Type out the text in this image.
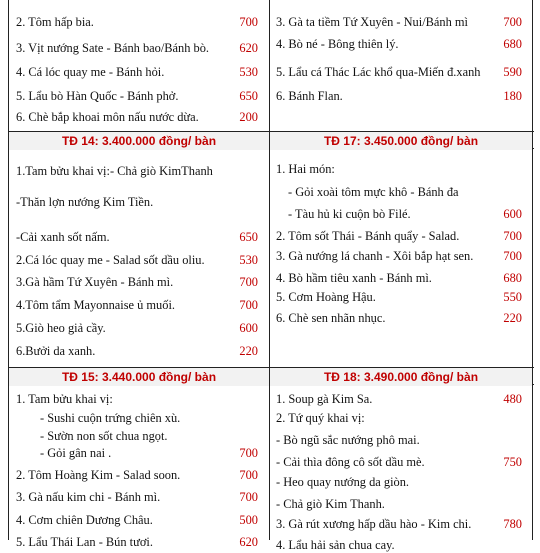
TĐ 14: 3.400.000 đồng/ bàn	TĐ 17: 3.450.000 đồng/ bàn
TĐ 15: 3.440.000 đồng/ bàn	TĐ 18: 3.490.000 đồng/ bàn
2. Tôm hấp bia.	700
3. Vịt nướng Sate - Bánh bao/Bánh bò. 620
4. Cá lóc quay me - Bánh hỏi.	530
5. Lẩu bò Hàn Quốc - Bánh phở.	650
6. Chè bắp khoai môn nấu nước dừa.	200
3. Gà ta tiềm Tứ Xuyên - Nui/Bánh mì	700
4. Bò né - Bông thiên lý.	680
5. Lẩu cá Thác Lác khổ qua-Miến đ.xanh 590
6. Bánh Flan.	180
1.Tam bửu khai vị:- Chả giò KimThanh
-Thăn lợn nướng Kim Tiền.
-Cải xanh sốt nấm.	650
2.Cá lóc quay me - Salad sốt dầu oliu.	530
3.Gà hầm Tứ Xuyên - Bánh mì.	700
4.Tôm tẩm Mayonnaise ủ muối.	700
5.Giò heo giả cầy.	600
6.Bưởi da xanh.	220
1. Hai món:
- Gỏi xoài tôm mực khô - Bánh đa
- Tàu hủ ki cuộn bò Filé.	600
2. Tôm sốt Thái - Bánh quẩy - Salad.	700
3. Gà nướng lá chanh - Xôi bắp hạt sen. 700
4. Bò hầm tiêu xanh - Bánh mì.	680
5. Cơm Hoàng Hậu.	550
6. Chè sen nhãn nhục.	220
1. Tam bửu khai vị:
- Sushi cuộn trứng chiên xù.
- Sườn non sốt chua ngọt.
- Gỏi gân nai .	700
2. Tôm Hoàng Kim - Salad soon.	700
3. Gà nấu kim chi - Bánh mì.	700
4. Cơm chiên Dương Châu.	500
5. Lẩu Thái Lan - Bún tươi.	620
1. Soup gà Kim Sa.	480
2. Tứ quý khai vị:
- Bò ngũ sắc nướng phô mai.
- Cải thìa đông cô sốt dầu mè.	750
- Heo quay nướng da giòn.
- Chả giò Kim Thanh.
3. Gà rút xương hấp dầu hào - Kim chi.	780
4. Lẩu hải sản chua cay.
